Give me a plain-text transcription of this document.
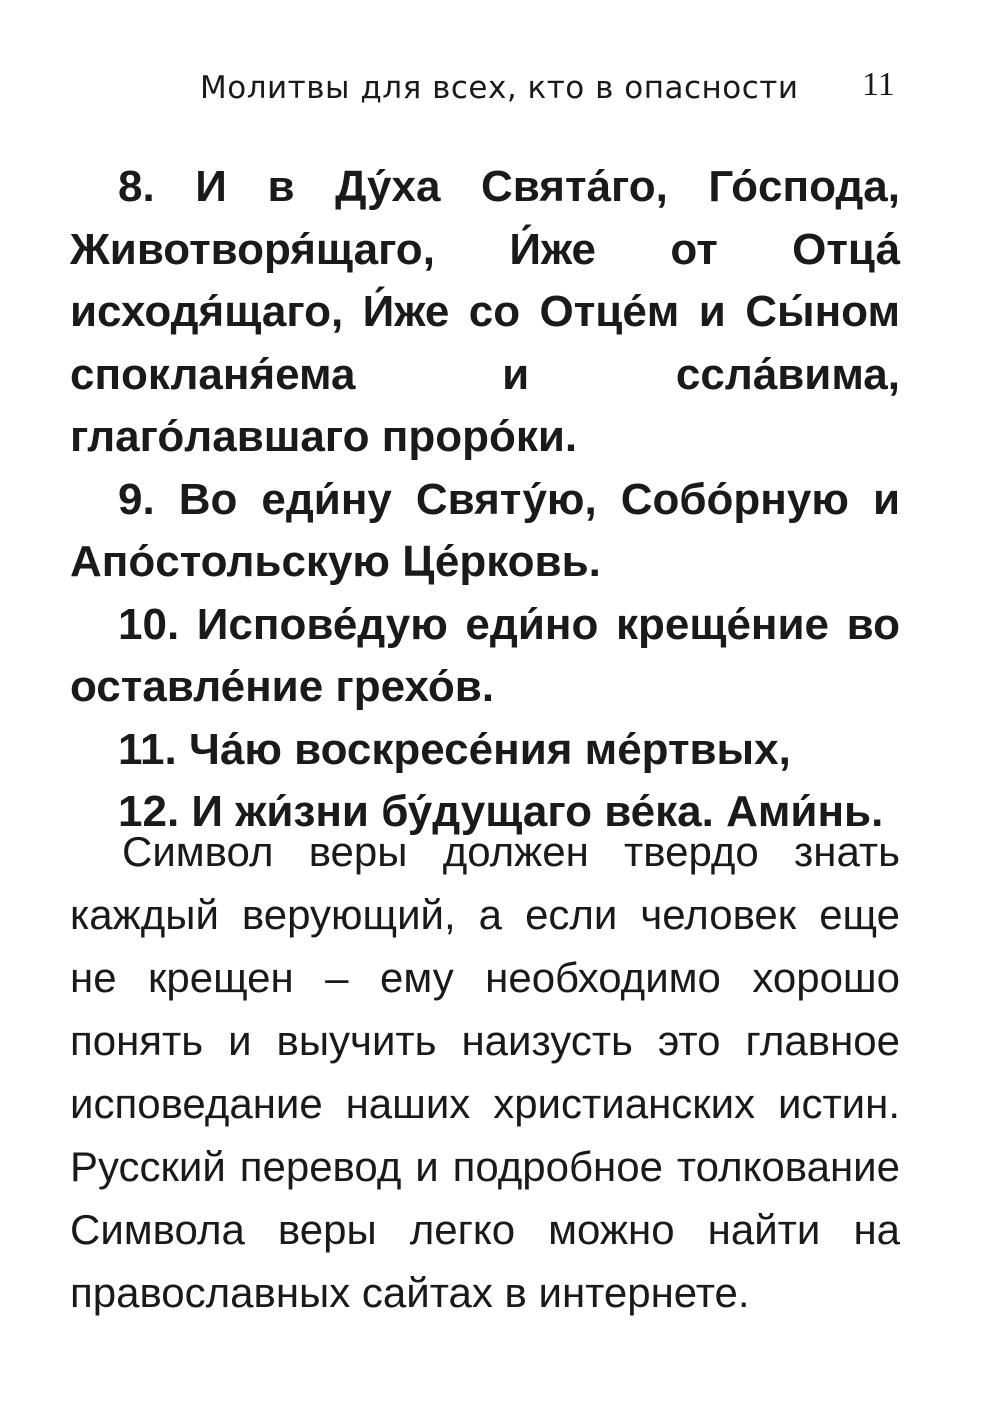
Молитвы для всех, кто в опасности 11

8. И в Ду́ха Свята́го, Го́спода, Животворя́щаго, И́же от Отца́ исходя́щаго, И́же со Отце́м и Сы́ном спокланя́ема и ссла́вима, глаго́лавшаго проро́ки.

9. Во еди́ну Святу́ю, Собо́рную и Апо́стольскую Це́рковь.

10. Испове́дую еди́но креще́ние во оставле́ние грехо́в.

11. Ча́ю воскресе́ния ме́ртвых,

12. И жи́зни бу́дущаго ве́ка. Ами́нь.

Символ веры должен твердо знать каждый верующий, а если человек еще не крещен – ему необходимо хорошо понять и выучить наизусть это главное исповедание наших христианских истин. Русский перевод и подробное толкование Символа веры легко можно найти на православных сайтах в интернете.
